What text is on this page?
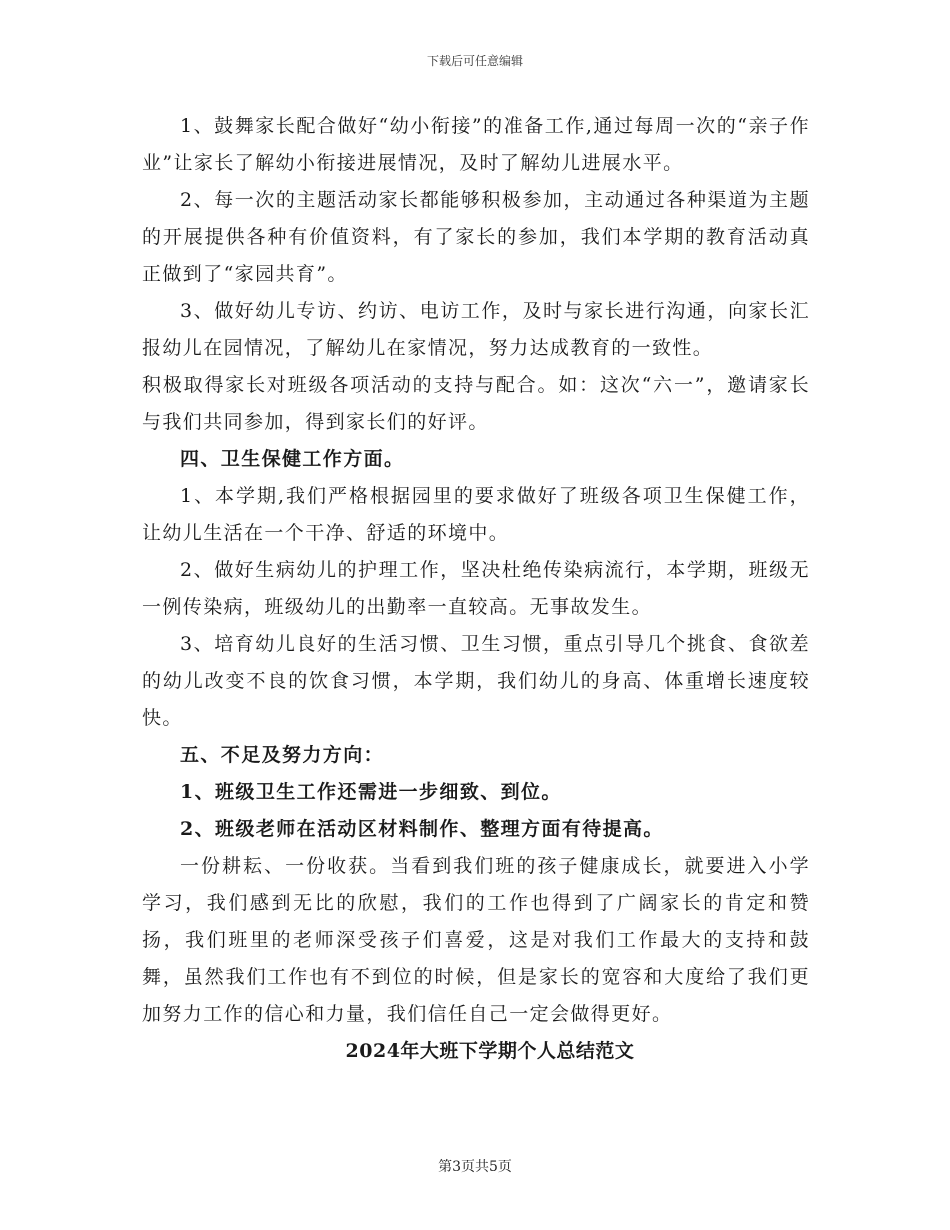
下载后可任意编辑

1、鼓舞家长配合做好“幼小衔接”的准备工作,通过每周一次的“亲子作业”让家长了解幼小衔接进展情况，及时了解幼儿进展水平。

2、每一次的主题活动家长都能够积极参加，主动通过各种渠道为主题的开展提供各种有价值资料，有了家长的参加，我们本学期的教育活动真正做到了“家园共育”。

3、做好幼儿专访、约访、电访工作，及时与家长进行沟通，向家长汇报幼儿在园情况，了解幼儿在家情况，努力达成教育的一致性。

积极取得家长对班级各项活动的支持与配合。如：这次“六一”，邀请家长与我们共同参加，得到家长们的好评。

四、卫生保健工作方面。

1、本学期,我们严格根据园里的要求做好了班级各项卫生保健工作，让幼儿生活在一个干净、舒适的环境中。

2、做好生病幼儿的护理工作，坚决杜绝传染病流行，本学期，班级无一例传染病，班级幼儿的出勤率一直较高。无事故发生。

3、培育幼儿良好的生活习惯、卫生习惯，重点引导几个挑食、食欲差的幼儿改变不良的饮食习惯，本学期，我们幼儿的身高、体重增长速度较快。

五、不足及努力方向：

1、班级卫生工作还需进一步细致、到位。

2、班级老师在活动区材料制作、整理方面有待提高。

一份耕耘、一份收获。当看到我们班的孩子健康成长，就要进入小学学习，我们感到无比的欣慰，我们的工作也得到了广阔家长的肯定和赞扬，我们班里的老师深受孩子们喜爱，这是对我们工作最大的支持和鼓舞，虽然我们工作也有不到位的时候，但是家长的宽容和大度给了我们更加努力工作的信心和力量，我们信任自己一定会做得更好。

2024年大班下学期个人总结范文

第3页共5页
